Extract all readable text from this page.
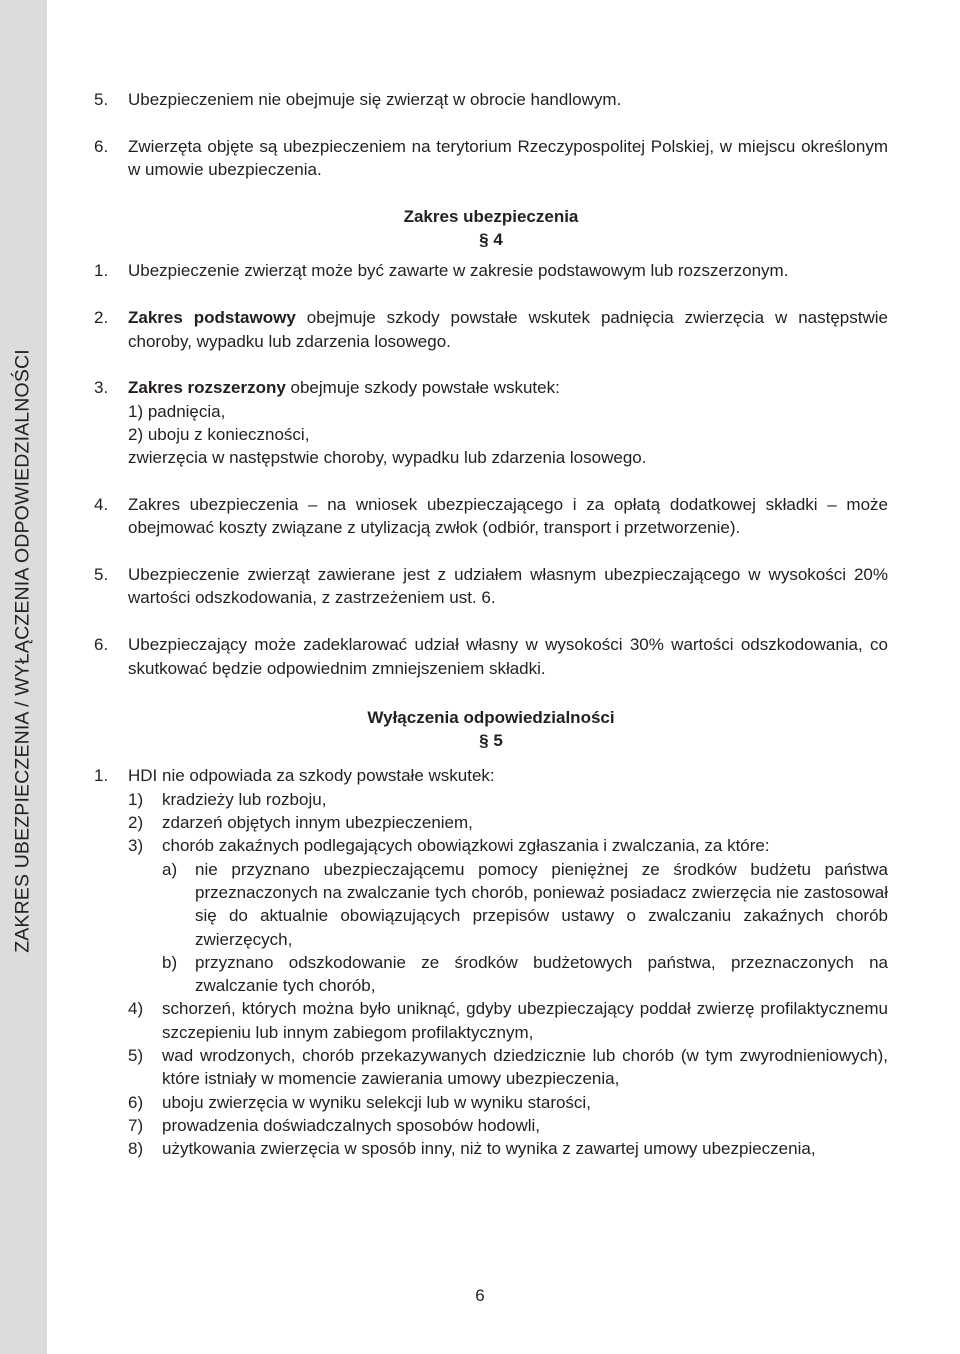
ZAKRES UBEZPIECZENIA / WYŁĄCZENIA ODPOWIEDZIALNOŚCI
5.	Ubezpieczeniem nie obejmuje się zwierząt w obrocie handlowym.
6.	Zwierzęta objęte są ubezpieczeniem na terytorium Rzeczypospolitej Polskiej, w miejscu określonym w umowie ubezpieczenia.
Zakres ubezpieczenia
§ 4
1.	Ubezpieczenie zwierząt może być zawarte w zakresie podstawowym lub rozszerzonym.
2.	Zakres podstawowy obejmuje szkody powstałe wskutek padnięcia zwierzęcia w następstwie choroby, wypadku lub zdarzenia losowego.
3.	Zakres rozszerzony obejmuje szkody powstałe wskutek:
1) padnięcia,
2) uboju z konieczności,
zwierzęcia w następstwie choroby, wypadku lub zdarzenia losowego.
4.	Zakres ubezpieczenia – na wniosek ubezpieczającego i za opłatą dodatkowej składki – może obejmować koszty związane z utylizacją zwłok (odbiór, transport i przetworzenie).
5.	Ubezpieczenie zwierząt zawierane jest z udziałem własnym ubezpieczającego w wysokości 20% wartości odszkodowania, z zastrzeżeniem ust. 6.
6.	Ubezpieczający może zadeklarować udział własny w wysokości 30% wartości odszkodowania, co skutkować będzie odpowiednim zmniejszeniem składki.
Wyłączenia odpowiedzialności
§ 5
1.	HDI nie odpowiada za szkody powstałe wskutek:
1)	kradzieży lub rozboju,
2)	zdarzeń objętych innym ubezpieczeniem,
3)	chorób zakaźnych podlegających obowiązkowi zgłaszania i zwalczania, za które:
a)	nie przyznano ubezpieczającemu pomocy pieniężnej ze środków budżetu państwa przeznaczonych na zwalczanie tych chorób, ponieważ posiadacz zwierzęcia nie zastosował się do aktualnie obowiązujących przepisów ustawy o zwalczaniu zakaźnych chorób zwierzęcych,
b)	przyznano odszkodowanie ze środków budżetowych państwa, przeznaczonych na zwalczanie tych chorób,
4)	schorzeń, których można było uniknąć, gdyby ubezpieczający poddał zwierzę profilaktycznemu szczepieniu lub innym zabiegom profilaktycznym,
5)	wad wrodzonych, chorób przekazywanych dziedzicznie lub chorób (w tym zwyrodnieniowych), które istniały w momencie zawierania umowy ubezpieczenia,
6)	uboju zwierzęcia w wyniku selekcji lub w wyniku starości,
7)	prowadzenia doświadczalnych sposobów hodowli,
8)	użytkowania zwierzęcia w sposób inny, niż to wynika z zawartej umowy ubezpieczenia,
6
